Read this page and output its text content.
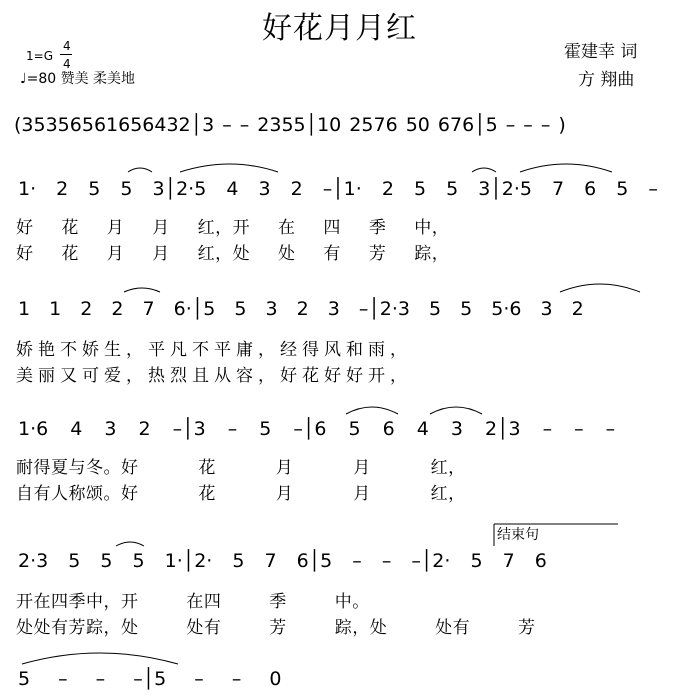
好花月月红
1=G
4
4
♩=80 赞美 柔美地
霍建幸 词
方 翔曲
(35356561656432│3 – – 2355│10 2576 50 676│5 – – – )
1· 2 5 5 3│2·5 4 3 2 –│1· 2 5 5 3│2·5 7 6 5 –
好 花 月 月 红，开 在 四 季 中，
好 花 月 月 红，处 处 有 芳 踪，
1 1 2 2 7 6·│5 5 3 2 3 –│2·3 5 5 5·6 3 2
娇艳不娇生，平凡不平庸，经得风和雨，
美丽又可爱，热烈且从容，好花好好开，
1·6 4 3 2 –│3 – 5 –│6 5 6 4 3 2│3 – – –
耐得夏与冬。好 花 月 月 红，
自有人称颂。好 花 月 月 红，
结束句
2·3 5 5 5 1·│2· 5 7 6│5 – – –│2· 5 7 6
开在四季中，开 在四 季 中。
处处有芳踪，处 处有 芳 踪，处 处有 芳
5 – – –│5 – – 0
